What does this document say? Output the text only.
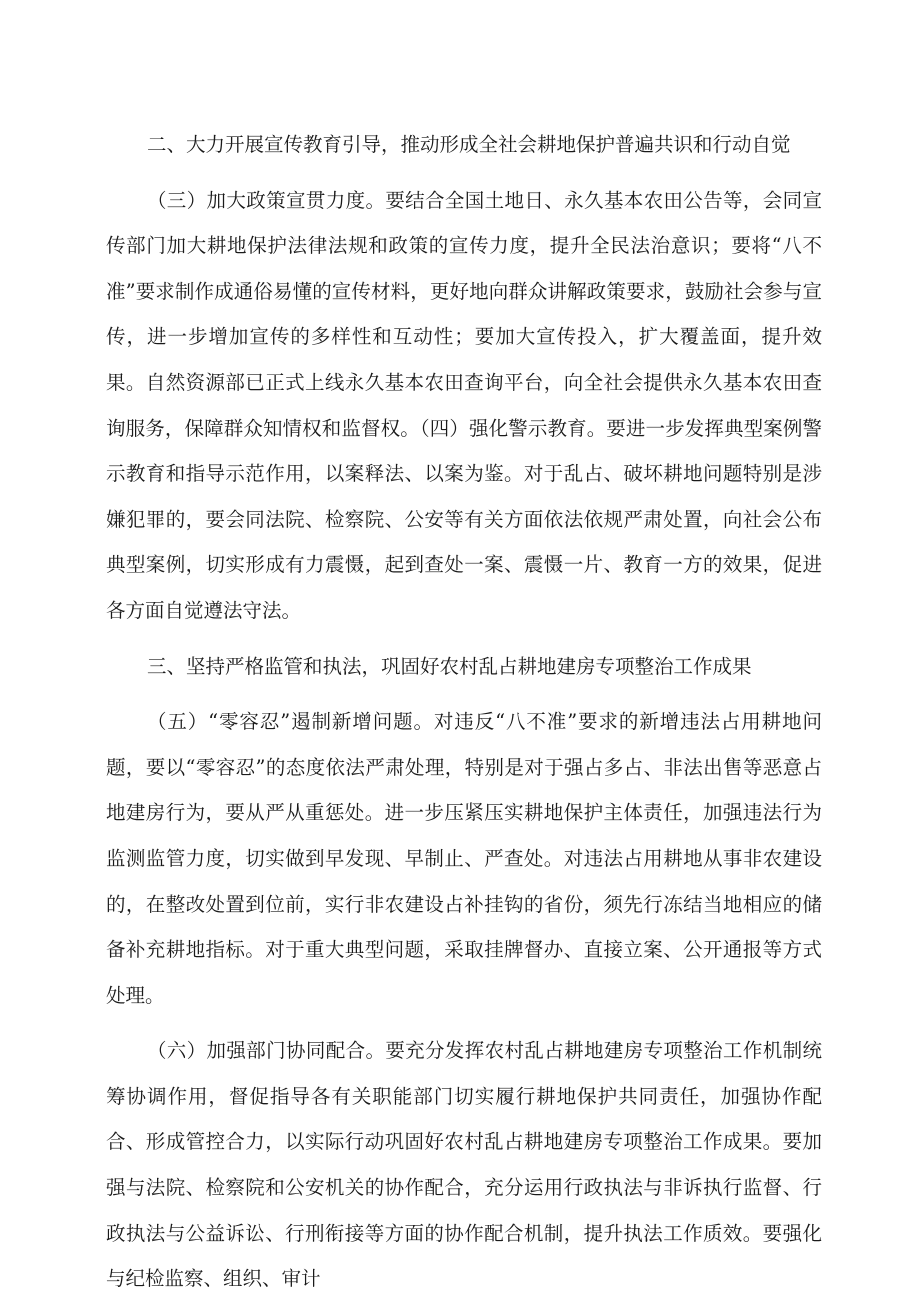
二、大力开展宣传教育引导，推动形成全社会耕地保护普遍共识和行动自觉

（三）加大政策宣贯力度。要结合全国土地日、永久基本农田公告等，会同宣传部门加大耕地保护法律法规和政策的宣传力度，提升全民法治意识；要将“八不准”要求制作成通俗易懂的宣传材料，更好地向群众讲解政策要求，鼓励社会参与宣传，进一步增加宣传的多样性和互动性；要加大宣传投入，扩大覆盖面，提升效果。自然资源部已正式上线永久基本农田查询平台，向全社会提供永久基本农田查询服务，保障群众知情权和监督权。（四）强化警示教育。要进一步发挥典型案例警示教育和指导示范作用，以案释法、以案为鉴。对于乱占、破坏耕地问题特别是涉嫌犯罪的，要会同法院、检察院、公安等有关方面依法依规严肃处置，向社会公布典型案例，切实形成有力震慑，起到查处一案、震慑一片、教育一方的效果，促进各方面自觉遵法守法。

三、坚持严格监管和执法，巩固好农村乱占耕地建房专项整治工作成果

（五）“零容忍”遏制新增问题。对违反“八不准”要求的新增违法占用耕地问题，要以“零容忍”的态度依法严肃处理，特别是对于强占多占、非法出售等恶意占地建房行为，要从严从重惩处。进一步压紧压实耕地保护主体责任，加强违法行为监测监管力度，切实做到早发现、早制止、严查处。对违法占用耕地从事非农建设的，在整改处置到位前，实行非农建设占补挂钩的省份，须先行冻结当地相应的储备补充耕地指标。对于重大典型问题，采取挂牌督办、直接立案、公开通报等方式处理。

（六）加强部门协同配合。要充分发挥农村乱占耕地建房专项整治工作机制统筹协调作用，督促指导各有关职能部门切实履行耕地保护共同责任，加强协作配合、形成管控合力，以实际行动巩固好农村乱占耕地建房专项整治工作成果。要加强与法院、检察院和公安机关的协作配合，充分运用行政执法与非诉执行监督、行政执法与公益诉讼、行刑衔接等方面的协作配合机制，提升执法工作质效。要强化与纪检监察、组织、审计
